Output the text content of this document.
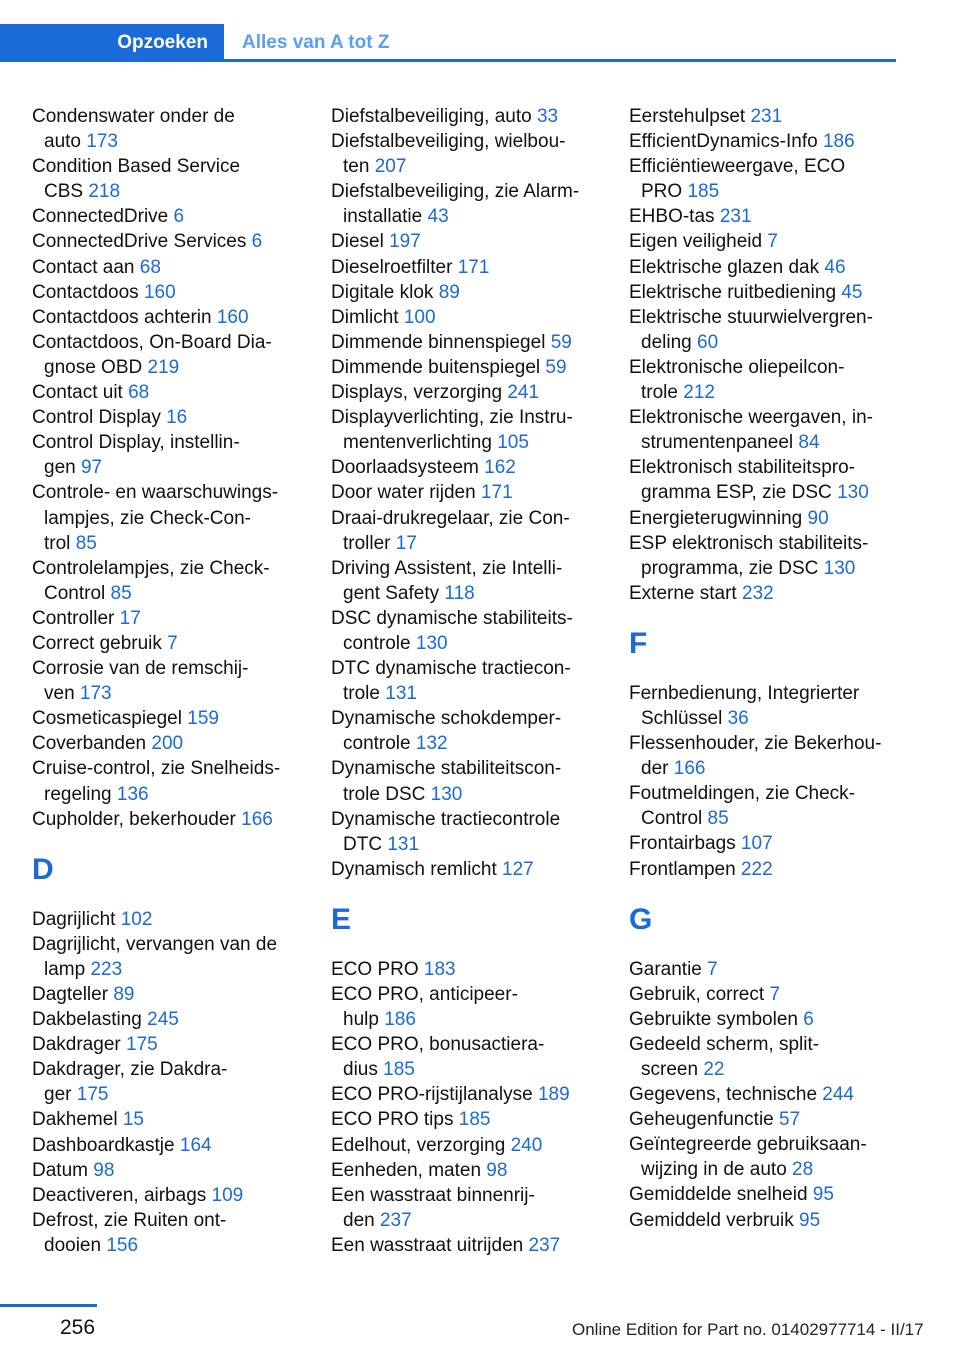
Opzoeken Alles van A tot Z
Condenswater onder de

auto 173
Condition Based Service

CBS 218
ConnectedDrive 6
ConnectedDrive Services 6
Contact aan 68
Contactdoos 160
Contactdoos achterin 160
Contactdoos, On-Board Dia-

gnose OBD 219
Contact uit 68
Control Display 16
Control Display, instellin-

gen 97
Controle- en waarschuwings-

lampjes, zie Check-Con-
trol 85
Controlelampjes, zie Check-

Control 85
Controller 17
Correct gebruik 7
Corrosie van de remschij-

ven 173
Cosmeticaspiegel 159
Coverbanden 200
Cruise-control, zie Snelheids-

regeling 136
Cupholder, bekerhouder 166
D
Dagrijlicht 102
Dagrijlicht, vervangen van de

lamp 223
Dagteller 89
Dakbelasting 245
Dakdrager 175
Dakdrager, zie Dakdra-

ger 175
Dakhemel 15
Dashboardkastje 164
Datum 98
Deactiveren, airbags 109
Defrost, zie Ruiten ont-

dooien 156
Diefstalbeveiliging, auto 33
Diefstalbeveiliging, wielbou-

ten 207
Diefstalbeveiliging, zie Alarm-

installatie 43
Diesel 197
Dieselroetfilter 171
Digitale klok 89
Dimlicht 100
Dimmende binnenspiegel 59
Dimmende buitenspiegel 59
Displays, verzorging 241
Displayverlichting, zie Instru-

mentenverlichting 105
Doorlaadsysteem 162
Door water rijden 171
Draai-drukregelaar, zie Con-

troller 17
Driving Assistent, zie Intelli-

gent Safety 118
DSC dynamische stabiliteits-

controle 130
DTC dynamische tractiecon-

trole 131
Dynamische schokdemper-

controle 132
Dynamische stabiliteitscon-

trole DSC 130
Dynamische tractiecontrole

DTC 131
Dynamisch remlicht 127
E
ECO PRO 183
ECO PRO, anticipeer-

hulp 186
ECO PRO, bonusactiera-

dius 185
ECO PRO-rijstijlanalyse 189
ECO PRO tips 185
Edelhout, verzorging 240
Eenheden, maten 98
Een wasstraat binnenrij-

den 237
Een wasstraat uitrijden 237
Eerstehulpset 231
EfficientDynamics-Info 186
Efficiëntieweergave, ECO

PRO 185
EHBO-tas 231
Eigen veiligheid 7
Elektrische glazen dak 46
Elektrische ruitbediening 45
Elektrische stuurwielvergren-

deling 60
Elektronische oliepeilcon-

trole 212
Elektronische weergaven, in-

strumentenpaneel 84
Elektronisch stabiliteitspro-

gramma ESP, zie DSC 130
Energieterugwinning 90
ESP elektronisch stabiliteits-

programma, zie DSC 130
Externe start 232
F
Fernbedienung, Integrierter

Schlüssel 36
Flessenhouder, zie Bekerhou-

der 166
Foutmeldingen, zie Check-

Control 85
Frontairbags 107
Frontlampen 222
G
Garantie 7
Gebruik, correct 7
Gebruikte symbolen 6
Gedeeld scherm, split-

screen 22
Gegevens, technische 244
Geheugenfunctie 57
Geïntegreerde gebruiksaan-

wijzing in de auto 28
Gemiddelde snelheid 95
Gemiddeld verbruik 95
256	Online Edition for Part no. 01402977714 - II/17
